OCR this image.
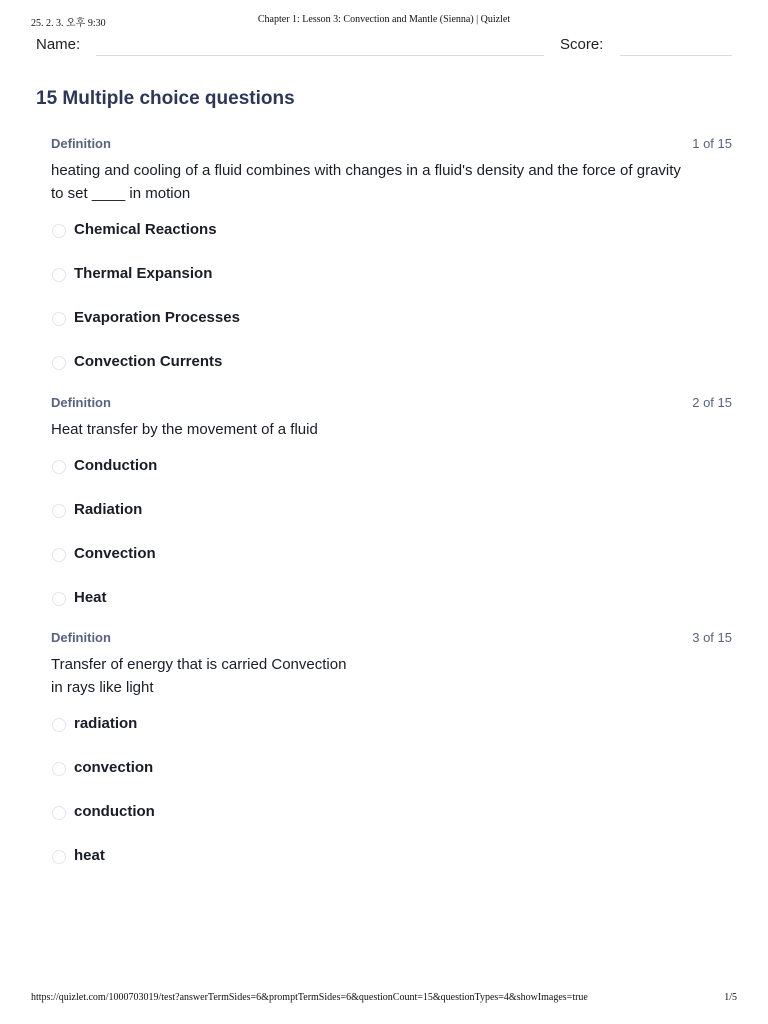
25. 2. 3. 오후 9:30	Chapter 1: Lesson 3: Convection and Mantle (Sienna) | Quizlet
Name:	Score:
15 Multiple choice questions
Definition	1 of 15
heating and cooling of a fluid combines with changes in a fluid's density and the force of gravity to set ____ in motion
Chemical Reactions
Thermal Expansion
Evaporation Processes
Convection Currents
Definition	2 of 15
Heat transfer by the movement of a fluid
Conduction
Radiation
Convection
Heat
Definition	3 of 15
Transfer of energy that is carried Convection
in rays like light
radiation
convection
conduction
heat
https://quizlet.com/1000703019/test?answerTermSides=6&promptTermSides=6&questionCount=15&questionTypes=4&showImages=true	1/5
